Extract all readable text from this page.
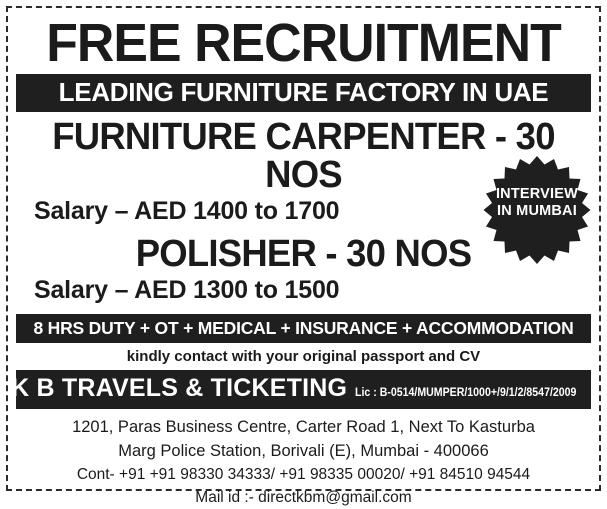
FREE RECRUITMENT
LEADING FURNITURE FACTORY IN UAE
FURNITURE CARPENTER - 30 NOS
Salary – AED 1400 to 1700
POLISHER - 30 NOS
Salary – AED 1300 to 1500
8 HRS DUTY + OT + MEDICAL + INSURANCE + ACCOMMODATION
kindly contact with your original passport and CV
K B TRAVELS & TICKETING Lic : B-0514/MUMPER/1000+/9/1/2/8547/2009
1201, Paras Business Centre, Carter Road 1, Next To Kasturba
Marg Police Station, Borivali (E), Mumbai - 400066
Cont- +91 +91 98330 34333/ +91 98335 00020/ +91 84510 94544
Mail id :- directkbm@gmail.com
INTERVIEW
IN MUMBAI
